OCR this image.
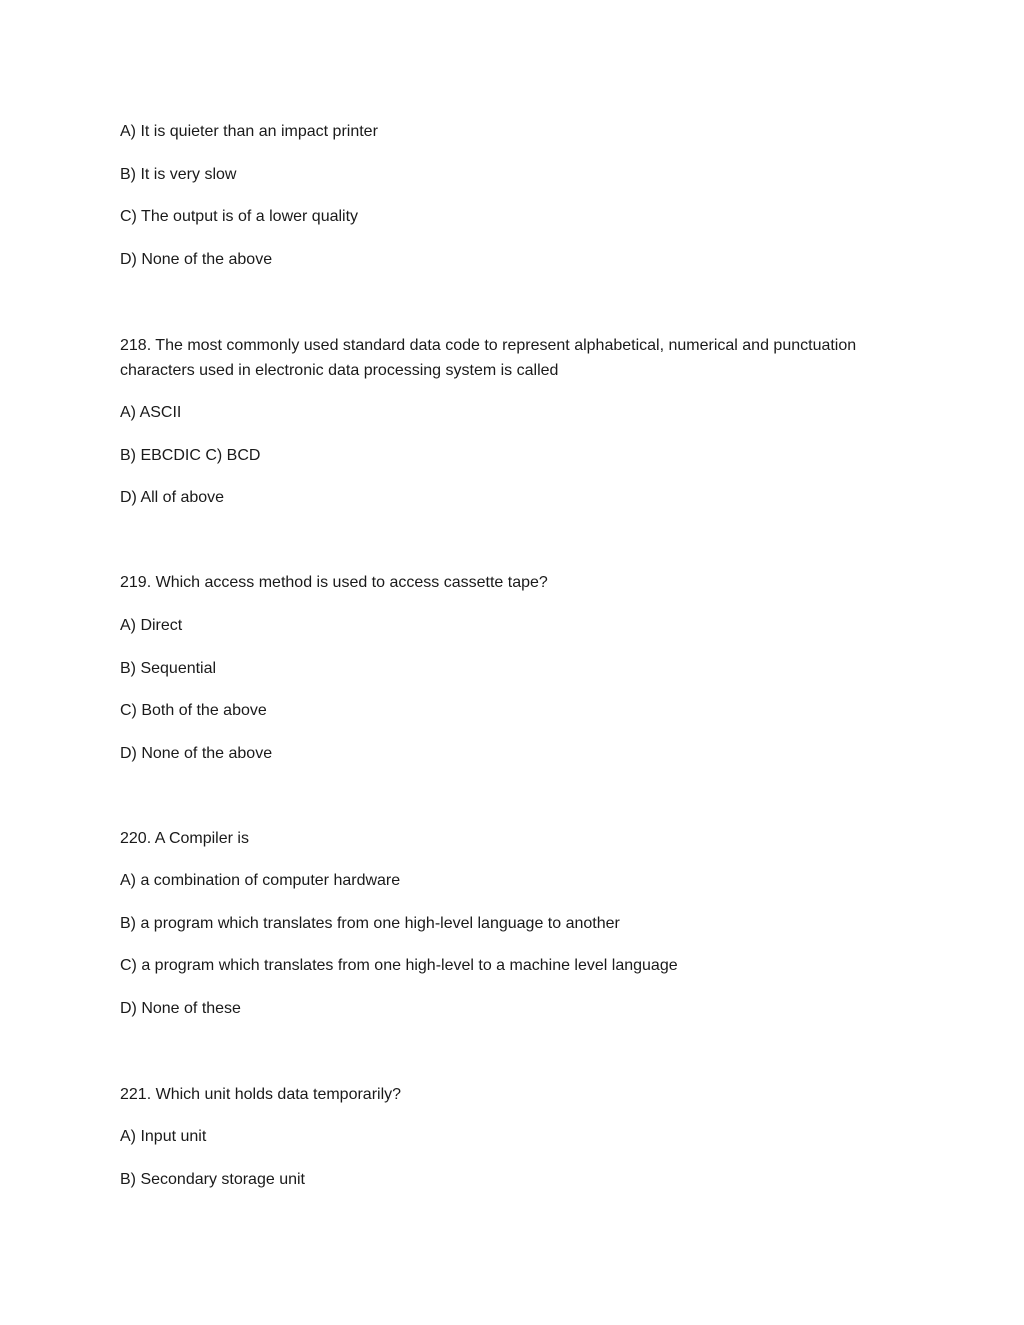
A) It is quieter than an impact printer

B) It is very slow

C) The output is of a lower quality

D) None of the above

218. The most commonly used standard data code to represent alphabetical, numerical and punctuation characters used in electronic data processing system is called

A) ASCII

B) EBCDIC C) BCD

D) All of above

219. Which access method is used to access cassette tape?

A) Direct

B) Sequential

C) Both of the above

D) None of the above

220. A Compiler is

A) a combination of computer hardware

B) a program which translates from one high-level language to another

C) a program which translates from one high-level to a machine level language

D) None of these

221. Which unit holds data temporarily?

A) Input unit

B) Secondary storage unit
